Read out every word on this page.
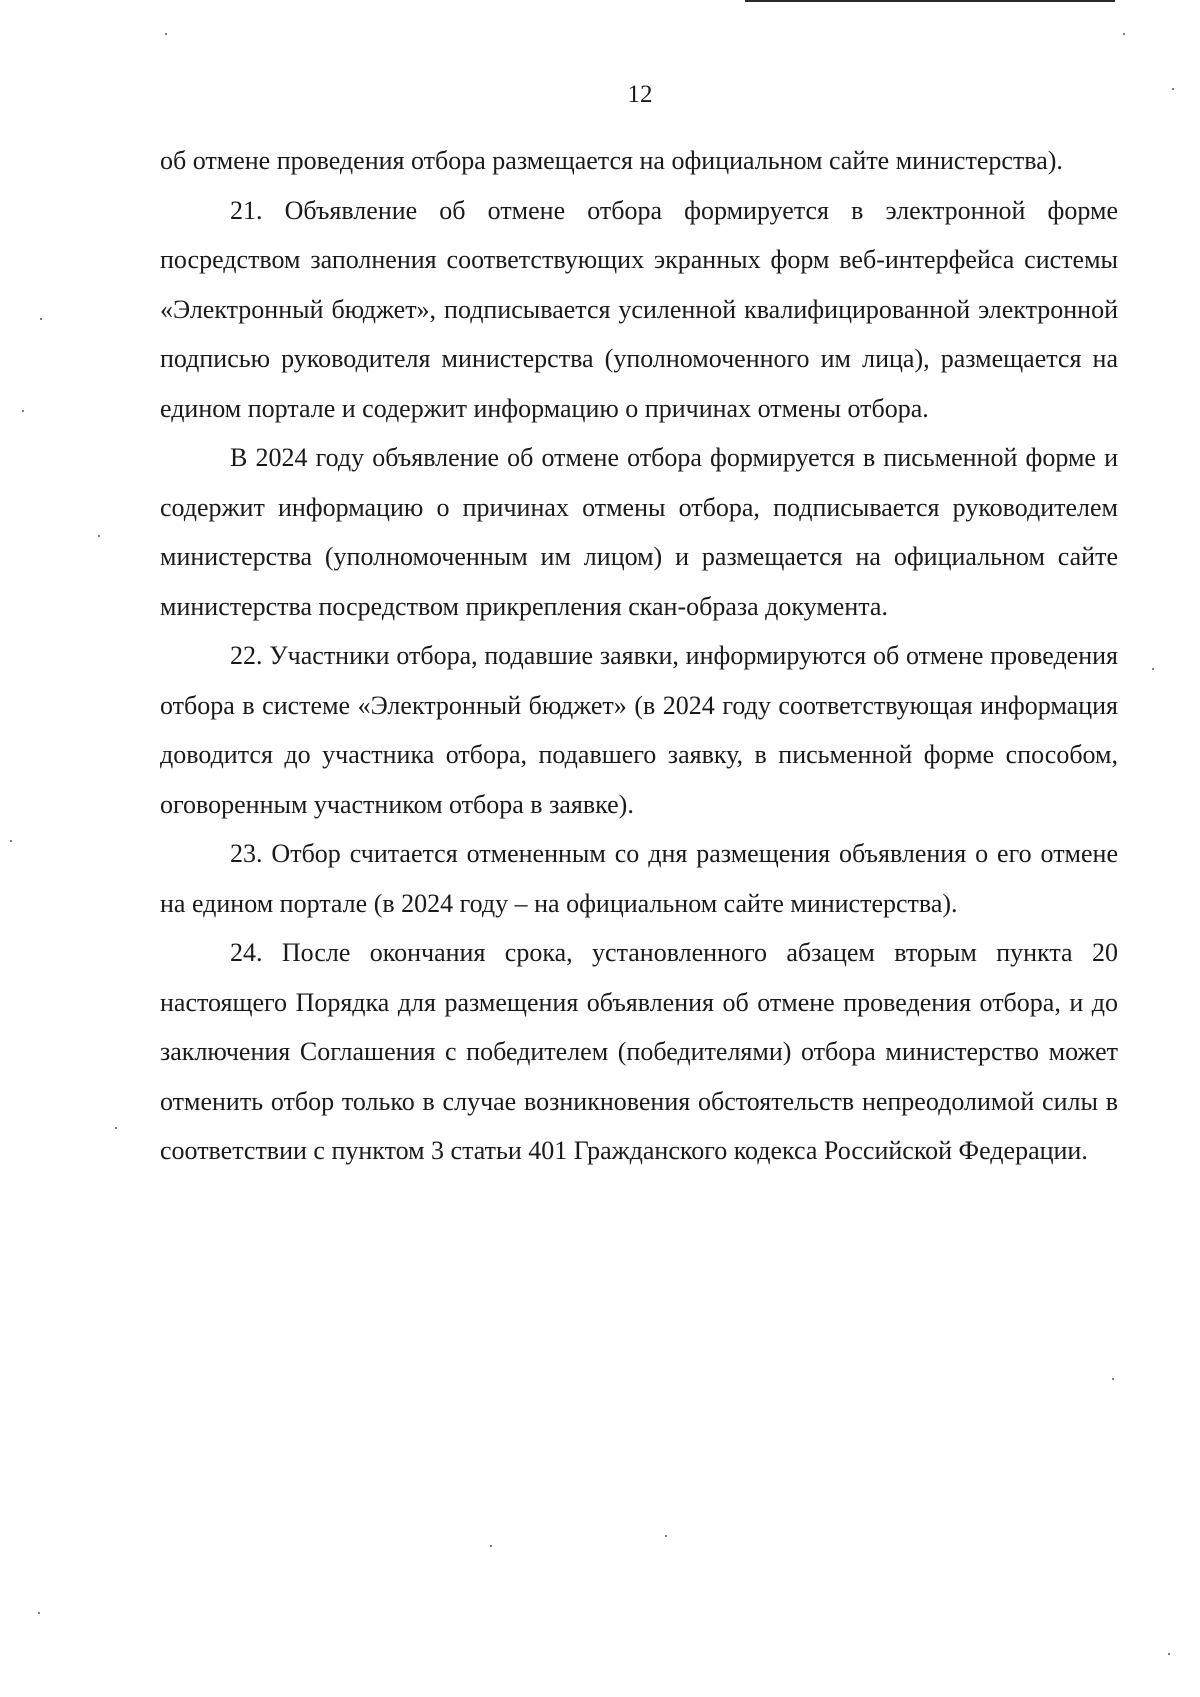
12

об отмене проведения отбора размещается на официальном сайте министерства).

21. Объявление об отмене отбора формируется в электронной форме посредством заполнения соответствующих экранных форм веб-интерфейса системы «Электронный бюджет», подписывается усиленной квалифицированной электронной подписью руководителя министерства (уполномоченного им лица), размещается на едином портале и содержит информацию о причинах отмены отбора.

В 2024 году объявление об отмене отбора формируется в письменной форме и содержит информацию о причинах отмены отбора, подписывается руководителем министерства (уполномоченным им лицом) и размещается на официальном сайте министерства посредством прикрепления скан-образа документа.

22. Участники отбора, подавшие заявки, информируются об отмене проведения отбора в системе «Электронный бюджет» (в 2024 году соответствующая информация доводится до участника отбора, подавшего заявку, в письменной форме способом, оговоренным участником отбора в заявке).

23. Отбор считается отмененным со дня размещения объявления о его отмене на едином портале (в 2024 году – на официальном сайте министерства).

24. После окончания срока, установленного абзацем вторым пункта 20 настоящего Порядка для размещения объявления об отмене проведения отбора, и до заключения Соглашения с победителем (победителями) отбора министерство может отменить отбор только в случае возникновения обстоятельств непреодолимой силы в соответствии с пунктом 3 статьи 401 Гражданского кодекса Российской Федерации.
